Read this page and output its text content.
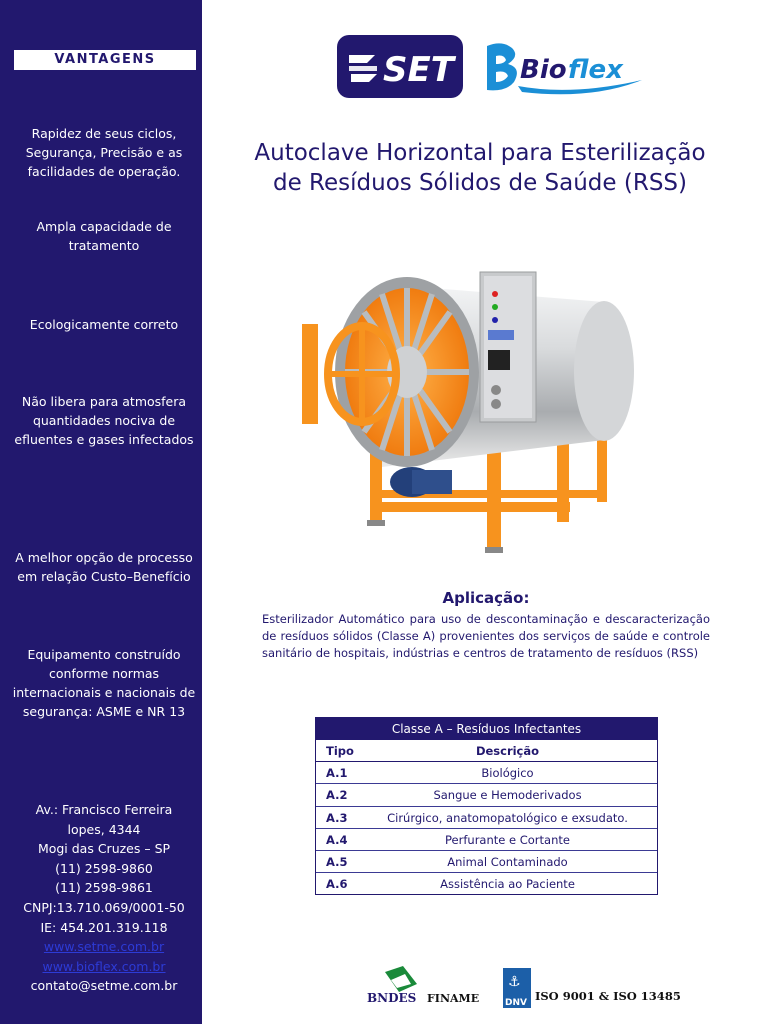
VANTAGENS
Rapidez de seus ciclos, Segurança, Precisão e as facilidades de operação.
Ampla capacidade de tratamento
Ecologicamente correto
Não libera para atmosfera quantidades nociva de efluentes e gases infectados
A melhor opção de processo em relação Custo–Benefício
Equipamento construído conforme normas internacionais e nacionais de segurança: ASME e NR 13
Av.: Francisco Ferreira
lopes, 4344
Mogi das Cruzes – SP
(11) 2598-9860
(11) 2598-9861
CNPJ:13.710.069/0001-50
IE: 454.201.319.118
www.setme.com.br
www.bioflex.com.br
contato@setme.com.br
SET	Bio flex
Autoclave Horizontal para Esterilização
de Resíduos Sólidos de Saúde (RSS)
Aplicação:
Esterilizador Automático para uso de descontaminação e descaracterização de resíduos sólidos (Classe A) provenientes dos serviços de saúde e controle sanitário de hospitais, indústrias e centros de tratamento de resíduos (RSS)
Classe A – Resíduos Infectantes
Tipo	Descrição
A.1	Biológico
A.2	Sangue e Hemoderivados
A.3	Cirúrgico, anatomopatológico e exsudato.
A.4	Perfurante e Cortante
A.5	Animal Contaminado
A.6	Assistência ao Paciente
BNDES FINAME
⚓
DNV ISO 9001 & ISO 13485
